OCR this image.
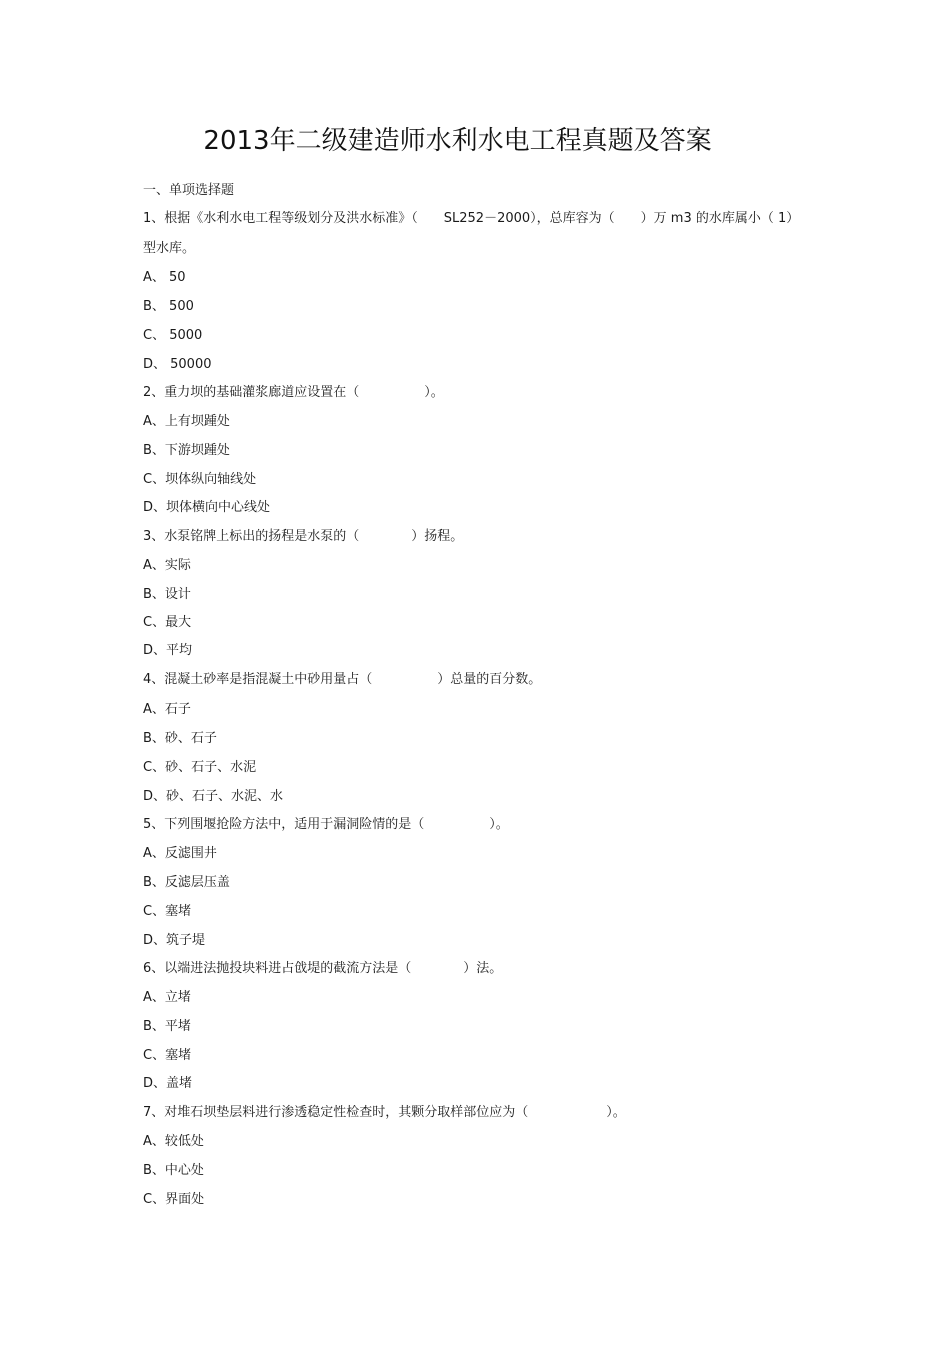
2013年二级建造师水利水电工程真题及答案
一、单项选择题
1、根据《水利水电工程等级划分及洪水标准》（　　SL252－2000），总库容为（　　）万 m3 的水库属小（ 1）
型水库。
A、 50
B、 500
C、 5000
D、 50000
2、重力坝的基础灌浆廊道应设置在（　　　　　）。
A、上有坝踵处
B、下游坝踵处
C、坝体纵向轴线处
D、坝体横向中心线处
3、水泵铭牌上标出的扬程是水泵的（　　　　）扬程。
A、实际
B、设计
C、最大
D、平均
4、混凝土砂率是指混凝土中砂用量占（　　　　　）总量的百分数。
A、石子
B、砂、石子
C、砂、石子、水泥
D、砂、石子、水泥、水
5、下列围堰抢险方法中，适用于漏洞险情的是（　　　　　）。
A、反滤围井
B、反滤层压盖
C、塞堵
D、筑子堤
6、以端进法抛投块料进占戗堤的截流方法是（　　　　）法。
A、立堵
B、平堵
C、塞堵
D、盖堵
7、对堆石坝垫层料进行渗透稳定性检查时，其颗分取样部位应为（　　　　　　）。
A、较低处
B、中心处
C、界面处
